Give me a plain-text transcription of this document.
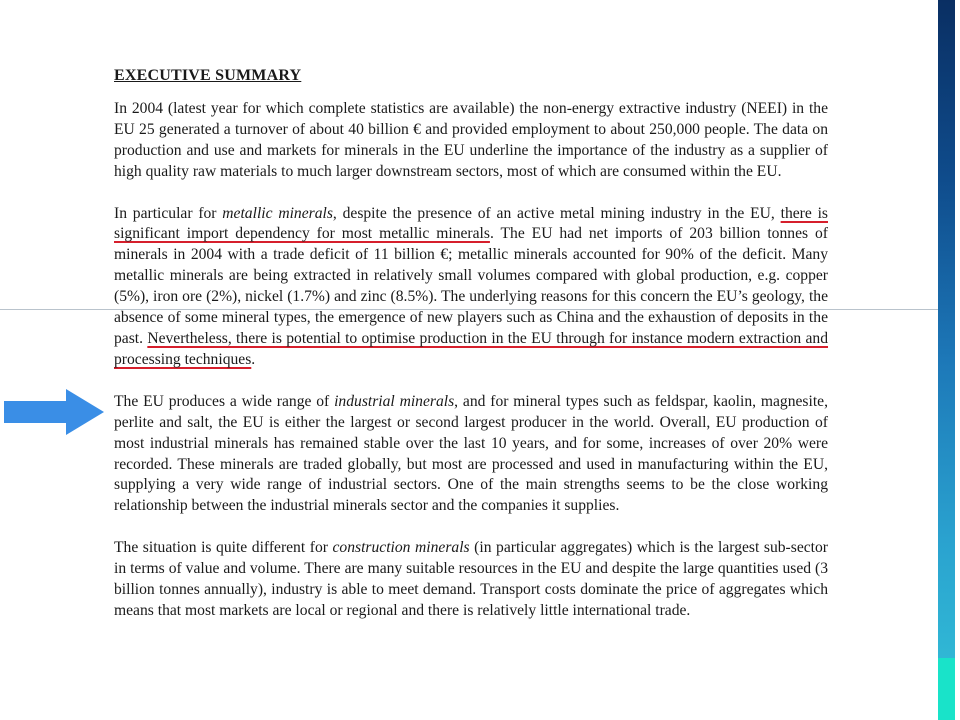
EXECUTIVE SUMMARY

In 2004 (latest year for which complete statistics are available) the non-energy extractive industry (NEEI) in the EU 25 generated a turnover of about 40 billion € and provided employment to about 250,000 people. The data on production and use and markets for minerals in the EU underline the importance of the industry as a supplier of high quality raw materials to much larger downstream sectors, most of which are consumed within the EU.

In particular for metallic minerals, despite the presence of an active metal mining industry in the EU, there is significant import dependency for most metallic minerals. The EU had net imports of 203 billion tonnes of minerals in 2004 with a trade deficit of 11 billion €; metallic minerals accounted for 90% of the deficit. Many metallic minerals are being extracted in relatively small volumes compared with global production, e.g. copper (5%), iron ore (2%), nickel (1.7%) and zinc (8.5%). The underlying reasons for this concern the EU’s geology, the absence of some mineral types, the emergence of new players such as China and the exhaustion of deposits in the past. Nevertheless, there is potential to optimise production in the EU through for instance modern extraction and processing techniques.

The EU produces a wide range of industrial minerals, and for mineral types such as feldspar, kaolin, magnesite, perlite and salt, the EU is either the largest or second largest producer in the world. Overall, EU production of most industrial minerals has remained stable over the last 10 years, and for some, increases of over 20% were recorded. These minerals are traded globally, but most are processed and used in manufacturing within the EU, supplying a very wide range of industrial sectors. One of the main strengths seems to be the close working relationship between the industrial minerals sector and the companies it supplies.

The situation is quite different for construction minerals (in particular aggregates) which is the largest sub-sector in terms of value and volume. There are many suitable resources in the EU and despite the large quantities used (3 billion tonnes annually), industry is able to meet demand. Transport costs dominate the price of aggregates which means that most markets are local or regional and there is relatively little international trade.
